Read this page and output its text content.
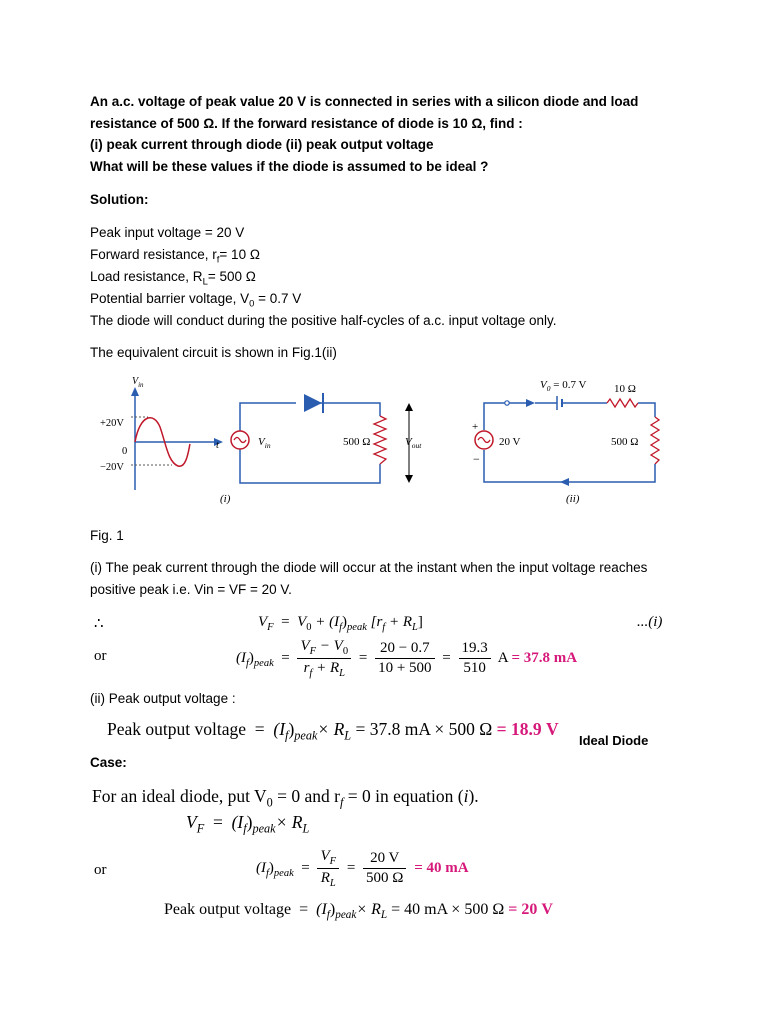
An a.c. voltage of peak value 20 V is connected in series with a silicon diode and load
resistance of 500 Ω. If the forward resistance of diode is 10 Ω, find :
(i) peak current through diode (ii) peak output voltage
What will be these values if the diode is assumed to be ideal ?
Solution:
Peak input voltage = 20 V
Forward resistance, $r_f= 10$ Ω
Load resistance, $R_L= 500$ Ω
Potential barrier voltage, $V_0 = 0.7$ V
The diode will conduct during the positive half-cycles of a.c. input voltage only.
The equivalent circuit is shown in Fig.1(ii)
$V_{in}$
+20V
0
−20V
t	$V_{in}$	500 Ω	$V_{out}$
(i)
$V_0 = 0.7$ V	10 Ω
+
−
20 V	500 Ω
(ii)
Fig. 1
(i) The peak current through the diode will occur at the instant when the input voltage reaches
positive peak i.e. Vin = VF = 20 V.
∴	$V_F = V_0 + (I_f)_{peak}$ $[r_f + R_L]$	...(i)
or	$(I_f)_{peak} = \frac{V_F - V_0}{r_f + R_L} = \frac{20 - 0.7}{10 + 500} = \frac{19.3}{510}$ A = 37.8 mA
(ii) Peak output voltage :
Peak output voltage = $(I_f)_{peak}\times R_L = 37.8$ mA × 500 Ω = 18.9 V
Ideal Diode
Case:
For an ideal diode, put $V_0 = 0$ and $r_f = 0$ in equation (i).
$V_F = (I_f)_{peak}\times R_L$
or	$(I_f)_{peak} = \frac{V_F}{R_L} = \frac{20 V}{500 \Omega} = 40$ mA
Peak output voltage = $(I_f)_{peak}\times R_L = 40$ mA × 500 Ω = 20 V
